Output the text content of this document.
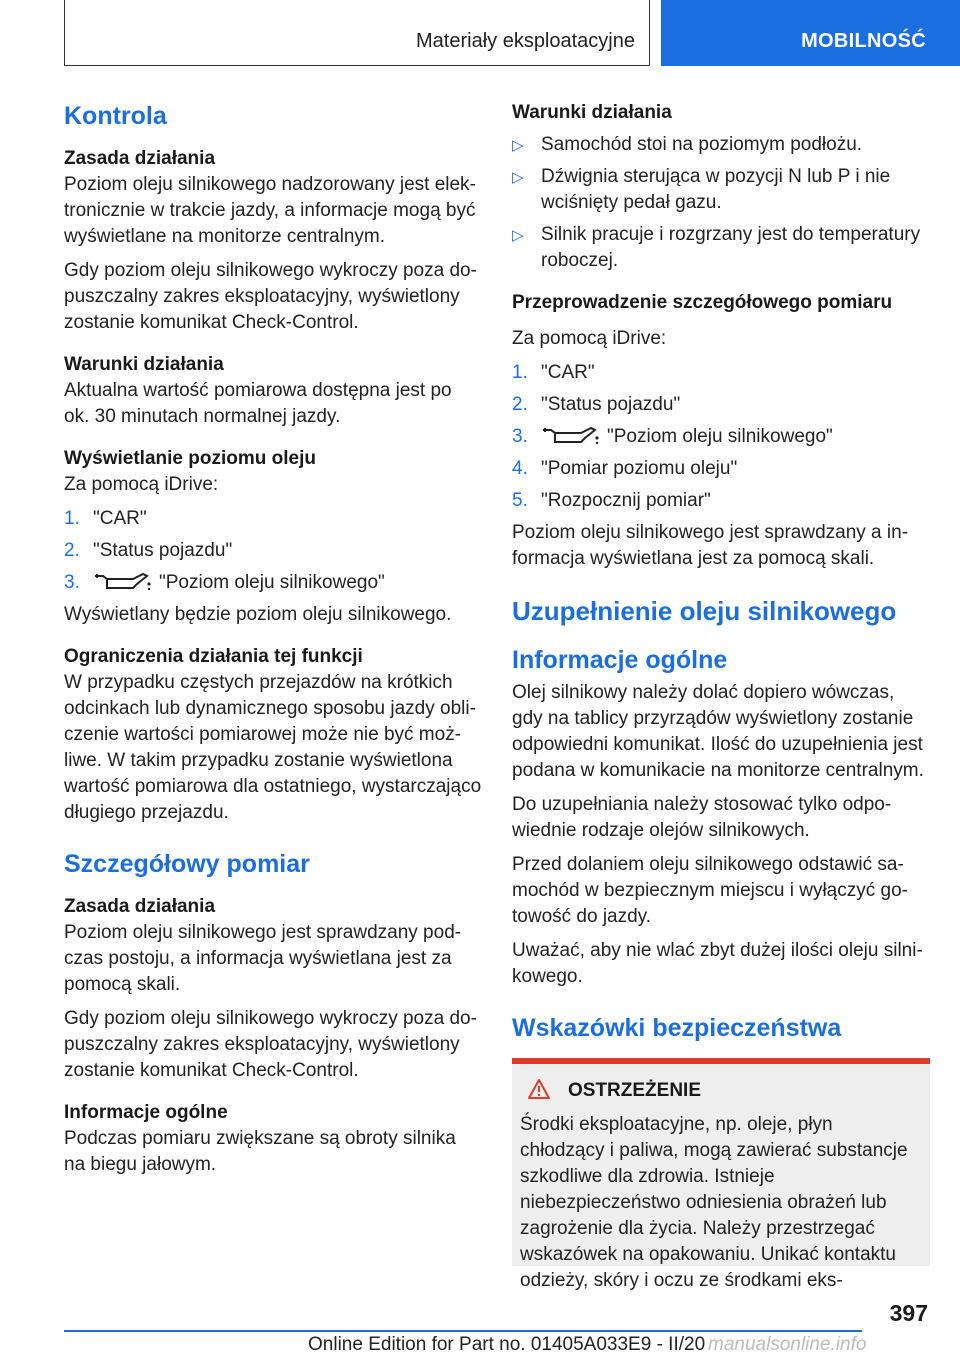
Materiały eksploatacyjne	MOBILNOŚĆ
Kontrola
Zasada działania
Poziom oleju silnikowego nadzorowany jest elektronicznie w trakcie jazdy, a informacje mogą być wyświetlane na monitorze centralnym.
Gdy poziom oleju silnikowego wykroczy poza dopuszczalny zakres eksploatacyjny, wyświetlony zostanie komunikat Check-Control.
Warunki działania
Aktualna wartość pomiarowa dostępna jest po ok. 30 minutach normalnej jazdy.
Wyświetlanie poziomu oleju
Za pomocą iDrive:
1. "CAR"
2. "Status pojazdu"
3.	"Poziom oleju silnikowego"
Wyświetlany będzie poziom oleju silnikowego.
Ograniczenia działania tej funkcji
W przypadku częstych przejazdów na krótkich odcinkach lub dynamicznego sposobu jazdy obliczenie wartości pomiarowej może nie być możliwe. W takim przypadku zostanie wyświetlona wartość pomiarowa dla ostatniego, wystarczająco długiego przejazdu.
Szczegółowy pomiar
Zasada działania
Poziom oleju silnikowego jest sprawdzany podczas postoju, a informacja wyświetlana jest za pomocą skali.
Gdy poziom oleju silnikowego wykroczy poza dopuszczalny zakres eksploatacyjny, wyświetlony zostanie komunikat Check-Control.
Informacje ogólne
Podczas pomiaru zwiększane są obroty silnika na biegu jałowym.
Warunki działania
▷ Samochód stoi na poziomym podłożu.
▷ Dźwignia sterująca w pozycji N lub P i nie wciśnięty pedał gazu.
▷ Silnik pracuje i rozgrzany jest do temperatury roboczej.
Przeprowadzenie szczegółowego pomiaru
Za pomocą iDrive:
1. "CAR"
2. "Status pojazdu"
3.	"Poziom oleju silnikowego"
4. "Pomiar poziomu oleju"
5. "Rozpocznij pomiar"
Poziom oleju silnikowego jest sprawdzany a informacja wyświetlana jest za pomocą skali.
Uzupełnienie oleju silnikowego
Informacje ogólne
Olej silnikowy należy dolać dopiero wówczas, gdy na tablicy przyrządów wyświetlony zostanie odpowiedni komunikat. Ilość do uzupełnienia jest podana w komunikacie na monitorze centralnym.
Do uzupełniania należy stosować tylko odpowiednie rodzaje olejów silnikowych.
Przed dolaniem oleju silnikowego odstawić samochód w bezpiecznym miejscu i wyłączyć gotowość do jazdy.
Uważać, aby nie wlać zbyt dużej ilości oleju silnikowego.
Wskazówki bezpieczeństwa
OSTRZEŻENIE
Środki eksploatacyjne, np. oleje, płyn chłodzący i paliwa, mogą zawierać substancje szkodliwe dla zdrowia. Istnieje niebezpieczeństwo odniesienia obrażeń lub zagrożenie dla życia. Należy przestrzegać wskazówek na opakowaniu. Unikać kontaktu odzieży, skóry i oczu ze środkami eks-
397
Online Edition for Part no. 01405A033E9 - II/20 manualsonline.info
